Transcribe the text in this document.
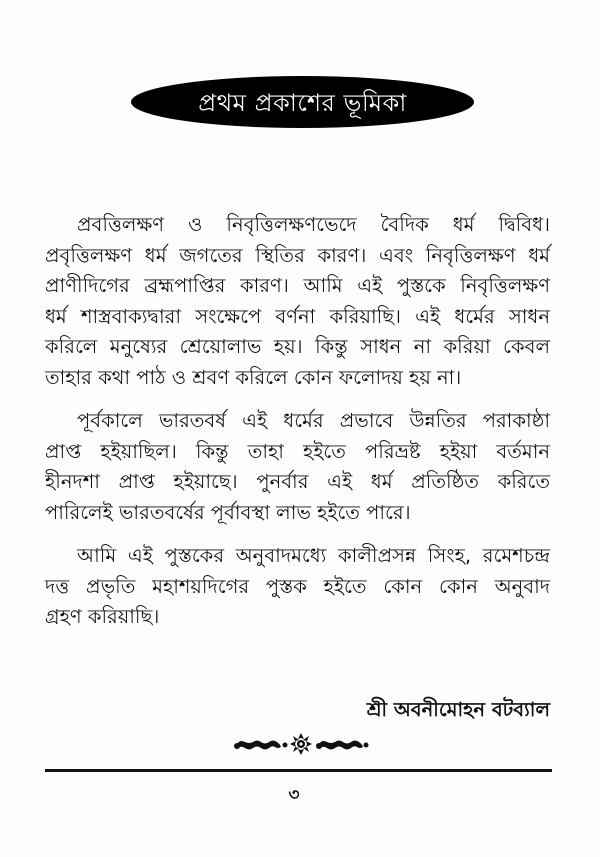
প্রথম প্রকাশের ভূমিকা
প্রবত্তিলক্ষণ ও নিবৃত্তিলক্ষণভেদে বৈদিক ধর্ম দ্বিবিধ।
প্রবৃত্তিলক্ষণ ধর্ম জগতের স্থিতির কারণ। এবং নিবৃত্তিলক্ষণ ধর্ম
প্রাণীদিগের ব্রহ্মপাপ্তির কারণ। আমি এই পুস্তকে নিবৃত্তিলক্ষণ
ধর্ম শাস্ত্রবাক্যদ্বারা সংক্ষেপে বর্ণনা করিয়াছি। এই ধর্মের সাধন
করিলে মনুষ্যের শ্রেয়োলাভ হয়। কিন্তু সাধন না করিয়া কেবল
তাহার কথা পাঠ ও শ্রবণ করিলে কোন ফলোদয় হয় না।
পূর্বকালে ভারতবর্ষ এই ধর্মের প্রভাবে উন্নতির পরাকাষ্ঠা
প্রাপ্ত হইয়াছিল। কিন্তু তাহা হইতে পরিভ্রষ্ট হইয়া বর্তমান
হীনদশা প্রাপ্ত হইয়াছে। পুনর্বার এই ধর্ম প্রতিষ্ঠিত করিতে
পারিলেই ভারতবর্ষের পূর্বাবস্থা লাভ হইতে পারে।
আমি এই পুস্তকের অনুবাদমধ্যে কালীপ্রসন্ন সিংহ, রমেশচন্দ্র
দত্ত প্রভৃতি মহাশয়দিগের পুস্তক হইতে কোন কোন অনুবাদ
গ্রহণ করিয়াছি।
শ্রী অবনীমোহন বটব্যাল
৩
